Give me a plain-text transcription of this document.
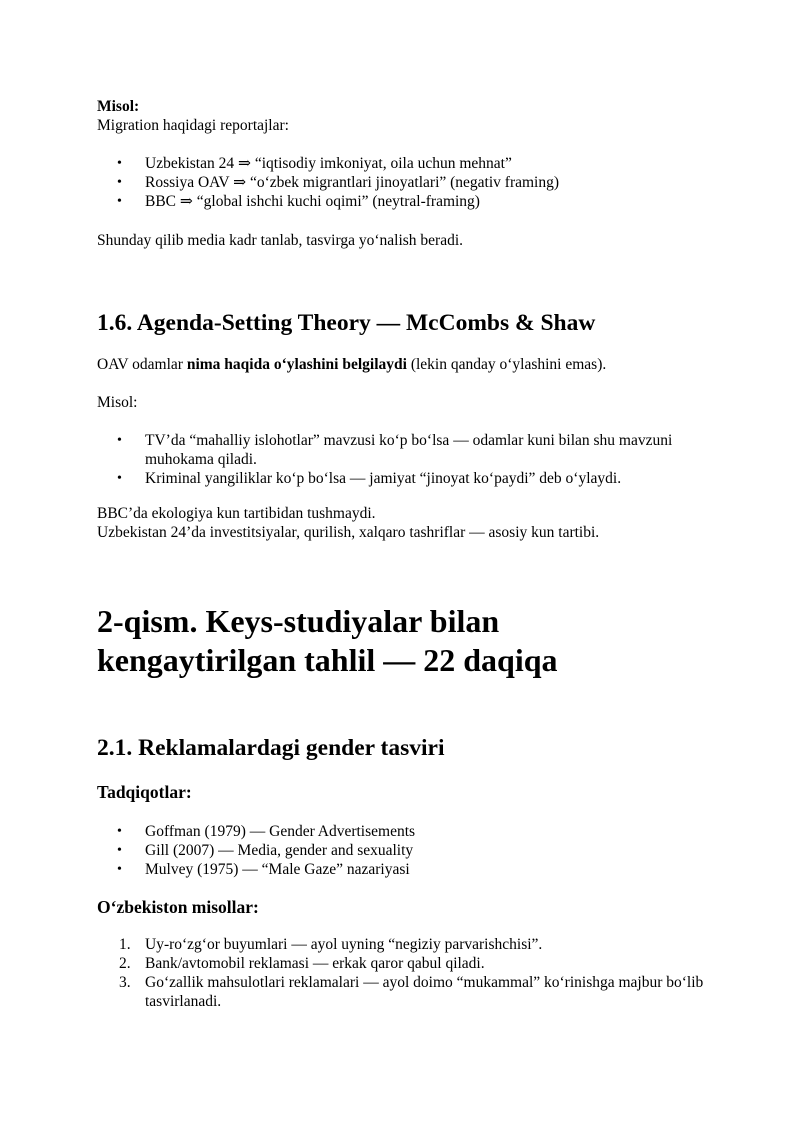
Misol:
Migration haqidagi reportajlar:
• Uzbekistan 24 ⇒ “iqtisodiy imkoniyat, oila uchun mehnat”
• Rossiya OAV ⇒ “oʻzbek migrantlari jinoyatlari” (negativ framing)
• BBC ⇒ “global ishchi kuchi oqimi” (neytral-framing)
Shunday qilib media kadr tanlab, tasvirga yoʻnalish beradi.
1.6. Agenda-Setting Theory — McCombs & Shaw
OAV odamlar nima haqida oʻylashini belgilaydi (lekin qanday oʻylashini emas).
Misol:
• TV’da “mahalliy islohotlar” mavzusi koʻp boʻlsa — odamlar kuni bilan shu mavzuni muhokama qiladi.
• Kriminal yangiliklar koʻp boʻlsa — jamiyat “jinoyat koʻpaydi” deb oʻylaydi.
BBC’da ekologiya kun tartibidan tushmaydi.
Uzbekistan 24’da investitsiyalar, qurilish, xalqaro tashriflar — asosiy kun tartibi.
2-qism. Keys-studiyalar bilan
kengaytirilgan tahlil — 22 daqiqa
2.1. Reklamalardagi gender tasviri
Tadqiqotlar:
• Goffman (1979) — Gender Advertisements
• Gill (2007) — Media, gender and sexuality
• Mulvey (1975) — “Male Gaze” nazariyasi
Oʻzbekiston misollar:
1. Uy-roʻzgʻor buyumlari — ayol uyning “negiziy parvarishchisi”.
2. Bank/avtomobil reklamasi — erkak qaror qabul qiladi.
3. Goʻzallik mahsulotlari reklamalari — ayol doimo “mukammal” koʻrinishga majbur boʻlib tasvirlanadi.
